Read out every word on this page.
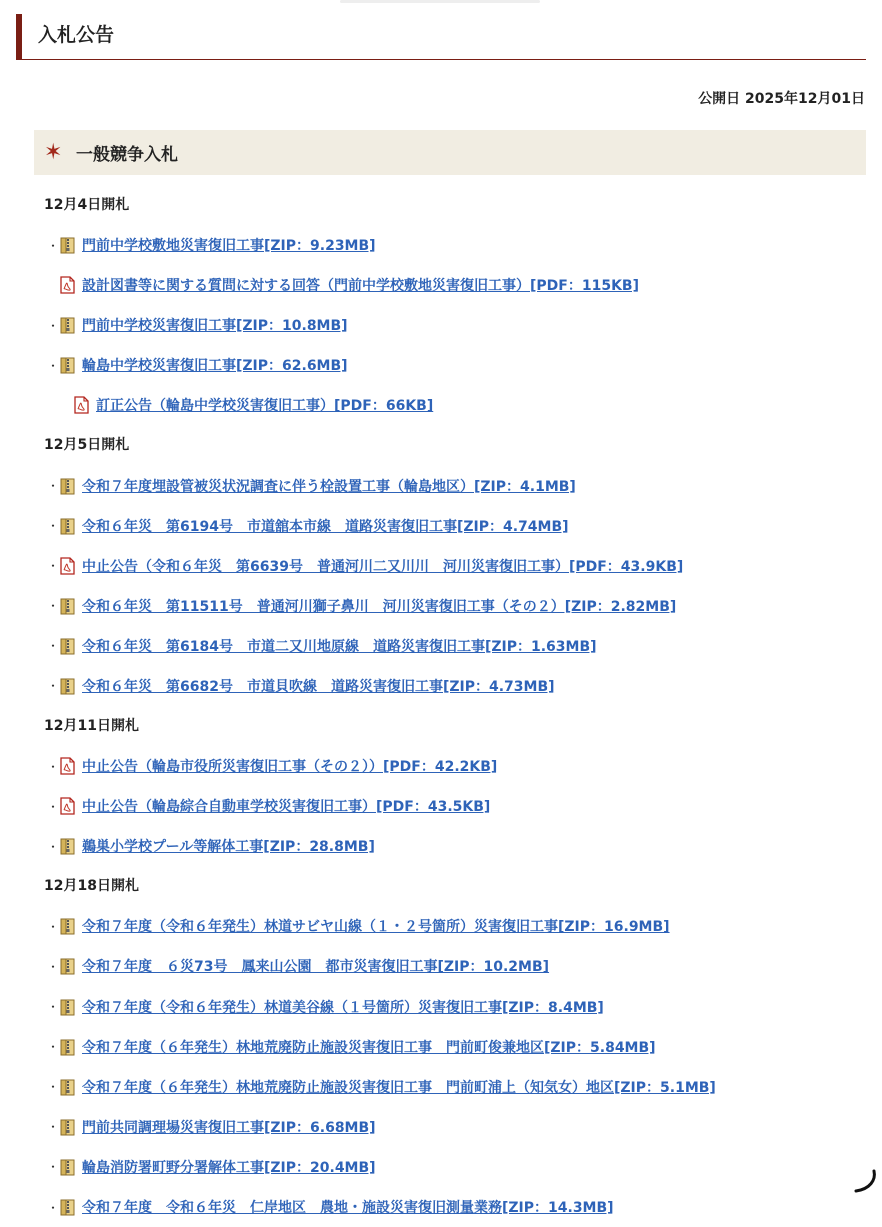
入札公告
公開日 2025年12月01日
✶ 一般競争入札
12月4日開札
・ 門前中学校敷地災害復旧工事[ZIP：9.23MB]
設計図書等に関する質問に対する回答（門前中学校敷地災害復旧工事）[PDF：115KB]
・ 門前中学校災害復旧工事[ZIP：10.8MB]
・ 輪島中学校災害復旧工事[ZIP：62.6MB]
訂正公告（輪島中学校災害復旧工事）[PDF：66KB]
12月5日開札
・ 令和７年度埋設管被災状況調査に伴う栓設置工事（輪島地区）[ZIP：4.1MB]
・ 令和６年災　第6194号　市道舘本市線　道路災害復旧工事[ZIP：4.74MB]
・ 中止公告（令和６年災　第6639号　普通河川二又川川　河川災害復旧工事）[PDF：43.9KB]
・ 令和６年災　第11511号　普通河川獅子鼻川　河川災害復旧工事（その２）[ZIP：2.82MB]
・ 令和６年災　第6184号　市道二又川地原線　道路災害復旧工事[ZIP：1.63MB]
・ 令和６年災　第6682号　市道貝吹線　道路災害復旧工事[ZIP：4.73MB]
12月11日開札
・ 中止公告（輪島市役所災害復旧工事（その２））[PDF：42.2KB]
・ 中止公告（輪島綜合自動車学校災害復旧工事）[PDF：43.5KB]
・ 鵜巣小学校プール等解体工事[ZIP：28.8MB]
12月18日開札
・ 令和７年度（令和６年発生）林道サビヤ山線（１・２号箇所）災害復旧工事[ZIP：16.9MB]
・ 令和７年度　６災73号　鳳来山公園　都市災害復旧工事[ZIP：10.2MB]
・ 令和７年度（令和６年発生）林道美谷線（１号箇所）災害復旧工事[ZIP：8.4MB]
・ 令和７年度（６年発生）林地荒廃防止施設災害復旧工事　門前町俊兼地区[ZIP：5.84MB]
・ 令和７年度（６年発生）林地荒廃防止施設災害復旧工事　門前町浦上（知気女）地区[ZIP：5.1MB]
・ 門前共同調理場災害復旧工事[ZIP：6.68MB]
・ 輪島消防署町野分署解体工事[ZIP：20.4MB]
・ 令和７年度　令和６年災　仁岸地区　農地・施設災害復旧測量業務[ZIP：14.3MB]
